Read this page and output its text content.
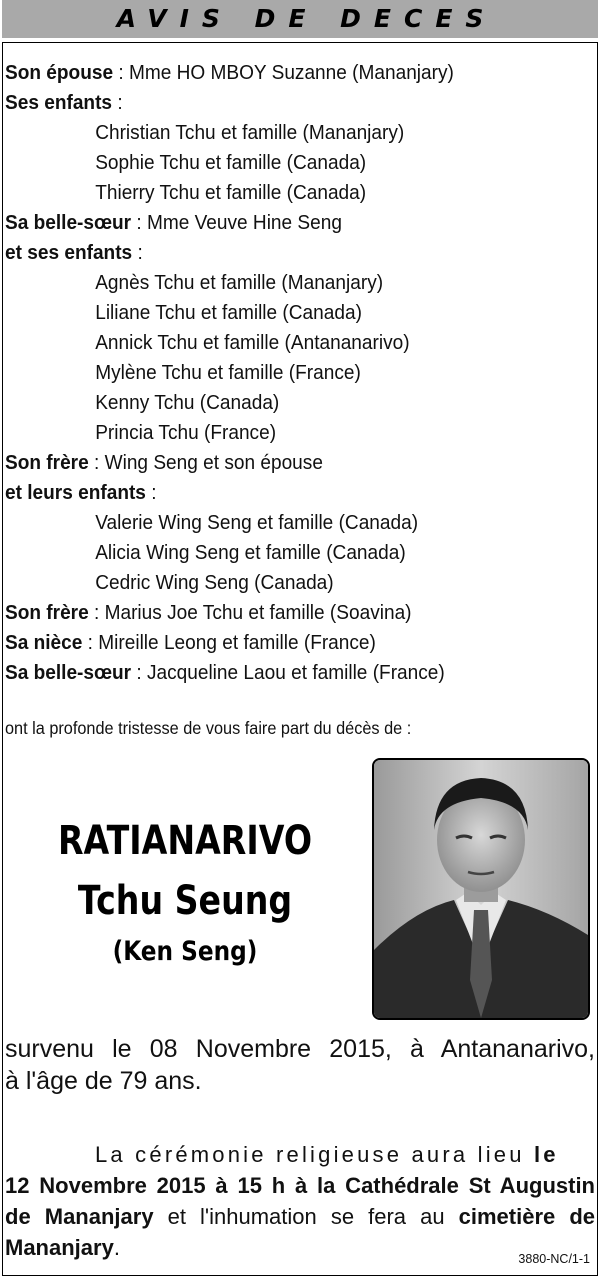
AVIS DE DECES
Son épouse : Mme HO MBOY Suzanne (Mananjary)
Ses enfants :
Christian Tchu et famille (Mananjary)
Sophie Tchu et famille (Canada)
Thierry Tchu et famille (Canada)
Sa belle-sœur : Mme Veuve Hine Seng
et ses enfants :
Agnès Tchu et famille (Mananjary)
Liliane Tchu et famille (Canada)
Annick Tchu et famille (Antananarivo)
Mylène Tchu et famille (France)
Kenny Tchu (Canada)
Princia Tchu (France)
Son frère : Wing Seng et son épouse
et leurs enfants :
Valerie Wing Seng et famille (Canada)
Alicia Wing Seng et famille (Canada)
Cedric Wing Seng (Canada)
Son frère : Marius Joe Tchu et famille (Soavina)
Sa nièce : Mireille Leong et famille (France)
Sa belle-sœur : Jacqueline Laou et famille (France)
ont la profonde tristesse de vous faire part du décès de :
RATIANARIVO
Tchu Seung
(Ken Seng)
survenu le 08 Novembre 2015, à Antananarivo,
à l'âge de 79 ans.
La cérémonie religieuse aura lieu le
12 Novembre 2015 à 15 h à la Cathédrale St Augustin
de Mananjary et l'inhumation se fera au cimetière de
Mananjary.	3880-NC/1-1
